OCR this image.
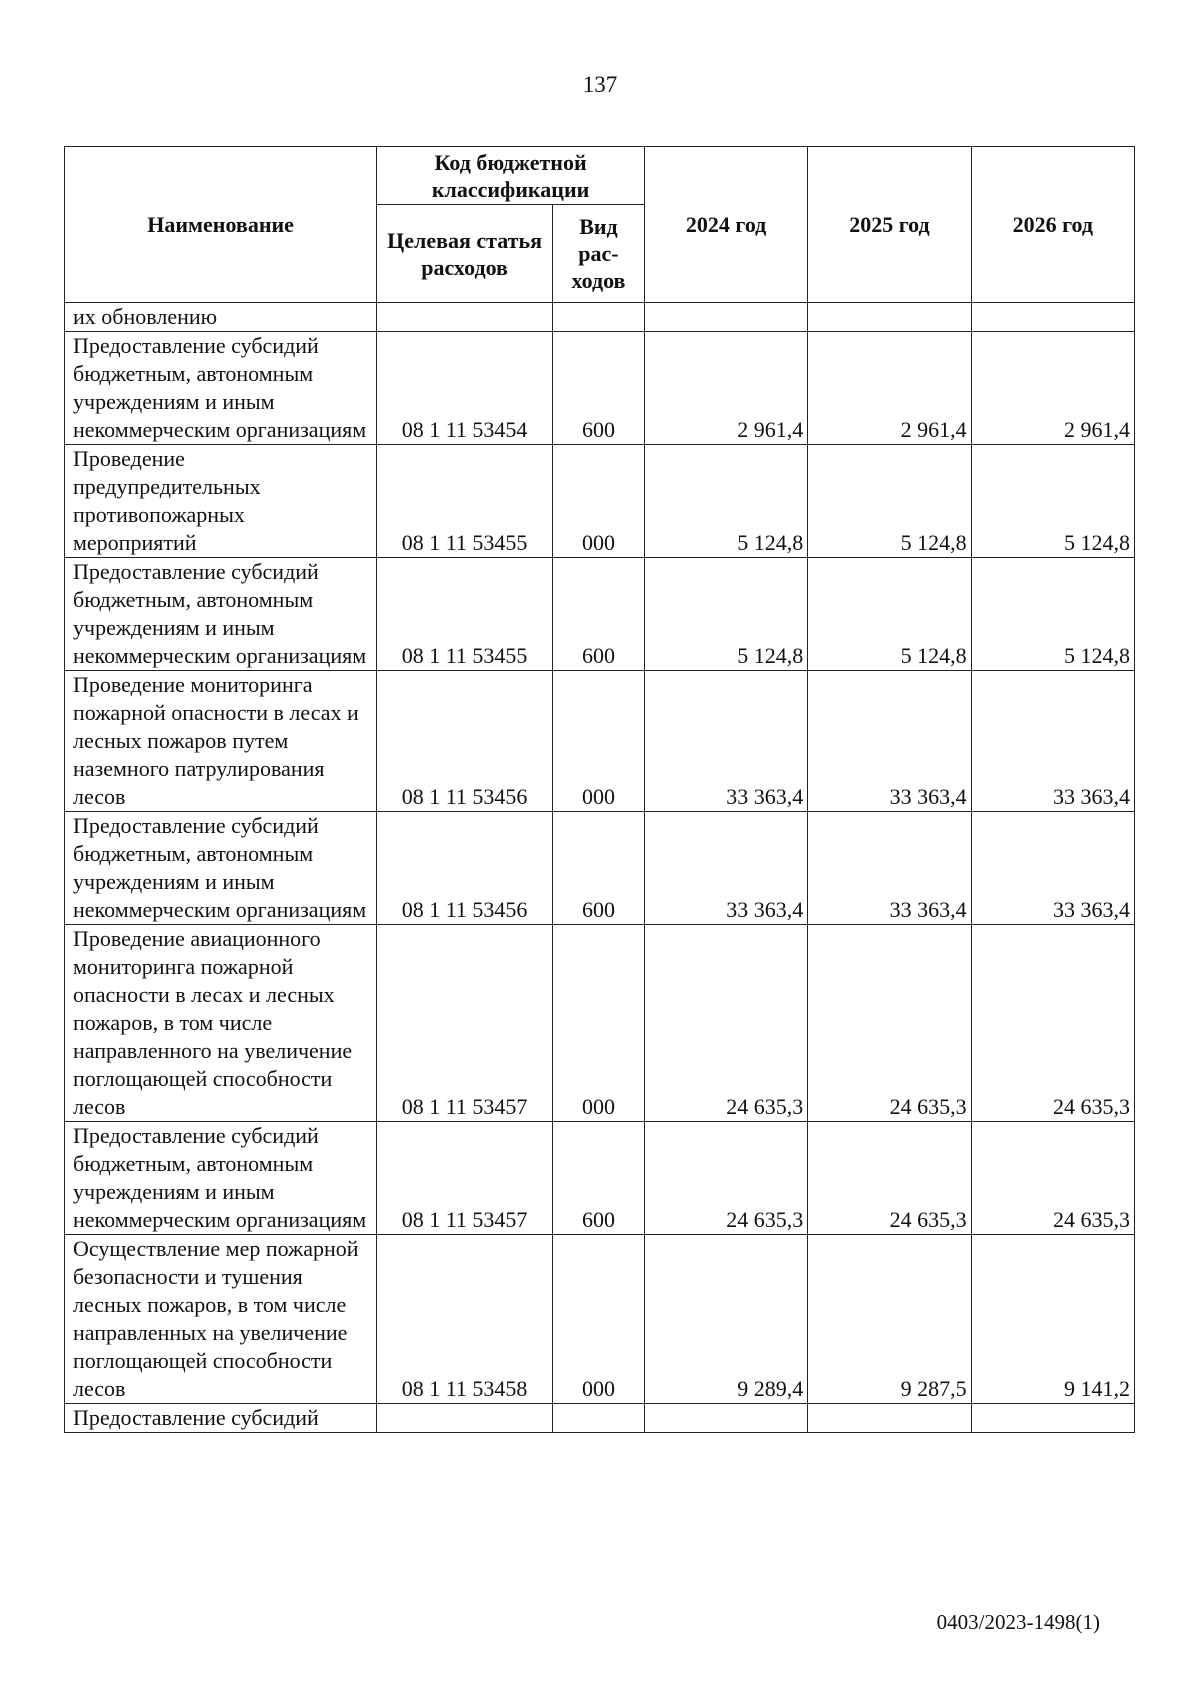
137
Наименование	Код бюджетной классификации		2024 год	2025 год	2026 год
	Целевая статья расходов	Вид рас-ходов			
их обновлению					
Предоставление субсидий бюджетным, автономным учреждениям и иным некоммерческим организациям	08 1 11 53454	600	2 961,4	2 961,4	2 961,4
Проведение предупредительных противопожарных мероприятий	08 1 11 53455	000	5 124,8	5 124,8	5 124,8
Предоставление субсидий бюджетным, автономным учреждениям и иным некоммерческим организациям	08 1 11 53455	600	5 124,8	5 124,8	5 124,8
Проведение мониторинга пожарной опасности в лесах и лесных пожаров путем наземного патрулирования лесов	08 1 11 53456	000	33 363,4	33 363,4	33 363,4
Предоставление субсидий бюджетным, автономным учреждениям и иным некоммерческим организациям	08 1 11 53456	600	33 363,4	33 363,4	33 363,4
Проведение авиационного мониторинга пожарной опасности в лесах и лесных пожаров, в том числе направленного на увеличение поглощающей способности лесов	08 1 11 53457	000	24 635,3	24 635,3	24 635,3
Предоставление субсидий бюджетным, автономным учреждениям и иным некоммерческим организациям	08 1 11 53457	600	24 635,3	24 635,3	24 635,3
Осуществление мер пожарной безопасности и тушения лесных пожаров, в том числе направленных на увеличение поглощающей способности лесов	08 1 11 53458	000	9 289,4	9 287,5	9 141,2
Предоставление субсидий					
0403/2023-1498(1)
